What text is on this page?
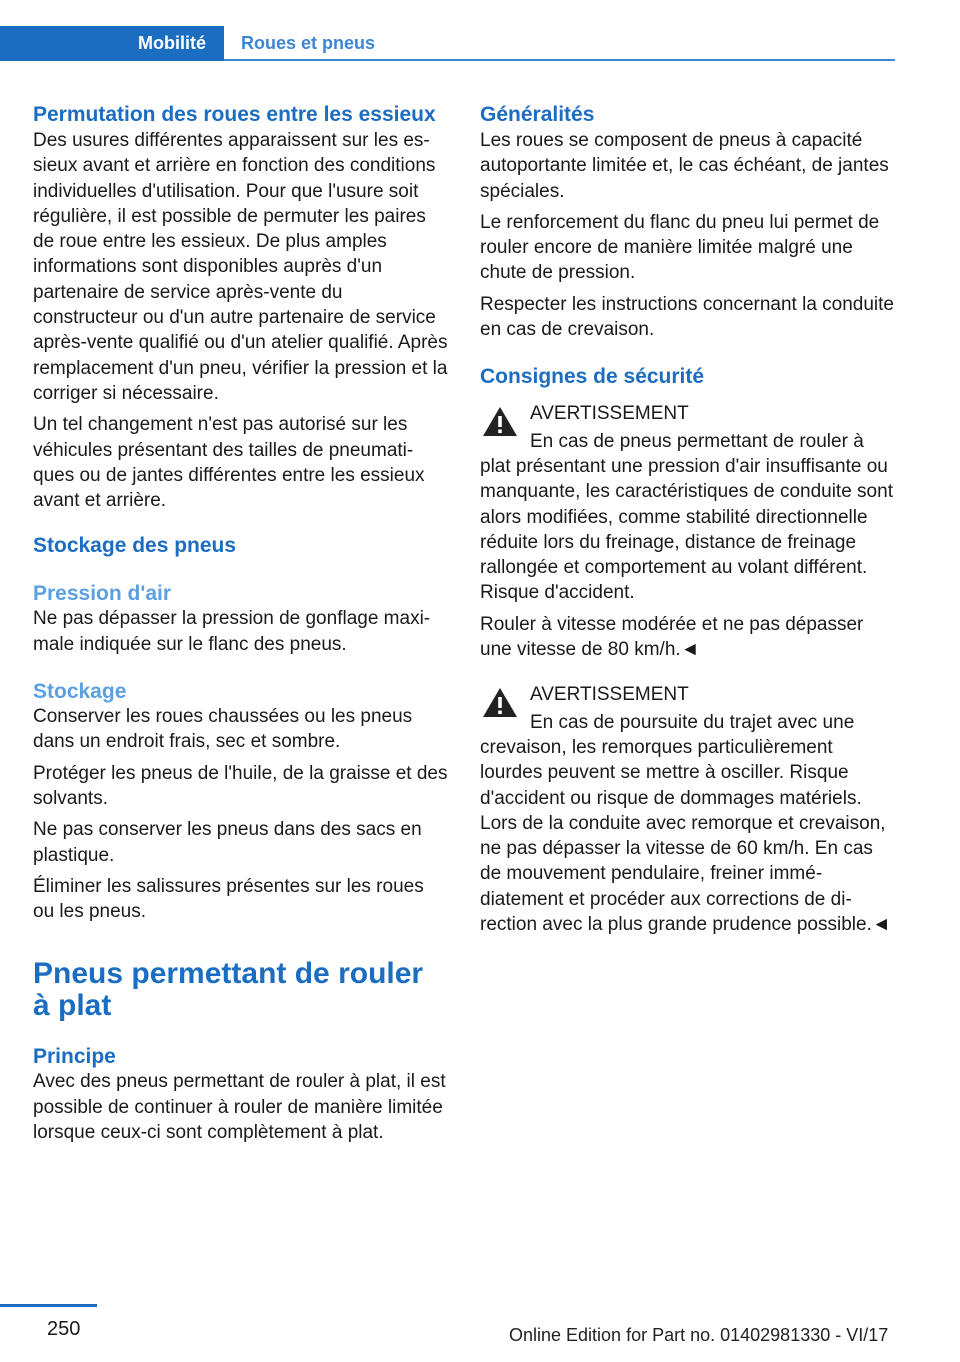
Mobilité Roues et pneus
Permutation des roues entre les essieux

Des usures différentes apparaissent sur les essieux avant et arrière en fonction des conditions individuelles d'utilisation. Pour que l'usure soit régulière, il est possible de permuter les paires de roue entre les essieux. De plus amples informations sont disponibles auprès d'un partenaire de service après-vente du constructeur ou d'un autre partenaire de service après-vente qualifié ou d'un atelier qualifié. Après remplacement d'un pneu, vérifier la pression et la corriger si nécessaire.

Un tel changement n'est pas autorisé sur les véhicules présentant des tailles de pneumatiques ou de jantes différentes entre les essieux avant et arrière.

Stockage des pneus
Pression d'air

Ne pas dépasser la pression de gonflage maximale indiquée sur le flanc des pneus.

Stockage

Conserver les roues chaussées ou les pneus dans un endroit frais, sec et sombre.

Protéger les pneus de l'huile, de la graisse et des solvants.

Ne pas conserver les pneus dans des sacs en plastique.

Éliminer les salissures présentes sur les roues ou les pneus.

Pneus permettant de rouler à plat
Principe

Avec des pneus permettant de rouler à plat, il est possible de continuer à rouler de manière limitée lorsque ceux-ci sont complètement à plat.

Généralités

Les roues se composent de pneus à capacité autoportante limitée et, le cas échéant, de jantes spéciales.

Le renforcement du flanc du pneu lui permet de rouler encore de manière limitée malgré une chute de pression.

Respecter les instructions concernant la conduite en cas de crevaison.

Consignes de sécurité
AVERTISSEMENT

En cas de pneus permettant de rouler à plat présentant une pression d'air insuffisante ou manquante, les caractéristiques de conduite sont alors modifiées, comme stabilité directionnelle réduite lors du freinage, distance de freinage rallongée et comportement au volant différent. Risque d'accident.

Rouler à vitesse modérée et ne pas dépasser une vitesse de 80 km/h.◄

AVERTISSEMENT

En cas de poursuite du trajet avec une crevaison, les remorques particulièrement lourdes peuvent se mettre à osciller. Risque d'accident ou risque de dommages matériels. Lors de la conduite avec remorque et crevaison, ne pas dépasser la vitesse de 60 km/h. En cas de mouvement pendulaire, freiner immédiatement et procéder aux corrections de direction avec la plus grande prudence possible.◄

250	Online Edition for Part no. 01402981330 - VI/17
